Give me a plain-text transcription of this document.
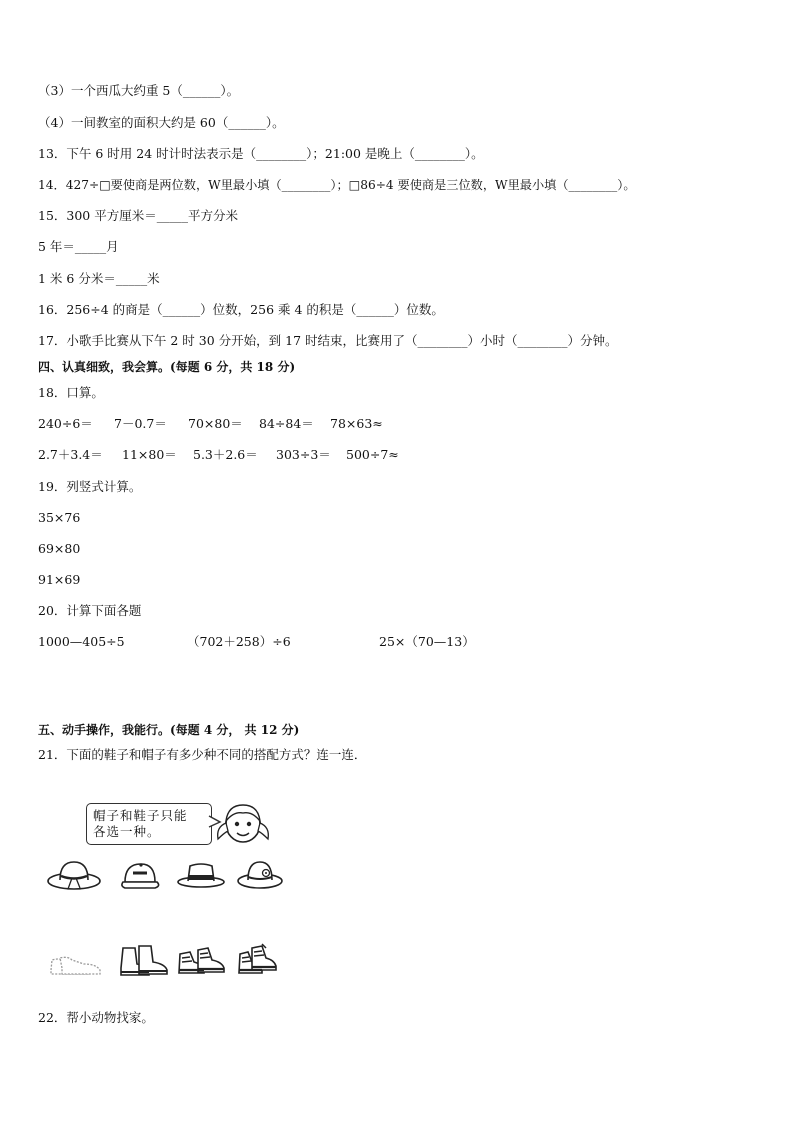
（3）一个西瓜大约重 5（______）。
（4）一间教室的面积大约是 60（______）。
13．下午 6 时用 24 时计时法表示是（________）；21:00 是晚上（________）。
14．427÷□要使商是两位数，W里最小填（________）；□86÷4 要使商是三位数，W里最小填（________）。
15．300 平方厘米＝_____平方分米
5 年＝_____月
1 米 6 分米＝_____米
16．256÷4 的商是（______）位数，256 乘 4 的积是（______）位数。
17．小歌手比赛从下午 2 时 30 分开始，到 17 时结束，比赛用了（________）小时（________）分钟。
四、认真细致，我会算。(每题 6 分，共 18 分)
18．口算。
240÷6＝ 7－0.7＝ 70×80＝ 84÷84＝ 78×63≈
2.7＋3.4＝ 11×80＝ 5.3＋2.6＝ 303÷3＝ 500÷7≈
19．列竖式计算。
35×76
69×80
91×69
20．计算下面各题
1000—405÷5	（702＋258）÷6	25×（70—13）
五、动手操作，我能行。(每题 4 分， 共 12 分)
21．下面的鞋子和帽子有多少种不同的搭配方式？连一连．
帽子和鞋子只能
各选一种。
22．帮小动物找家。
